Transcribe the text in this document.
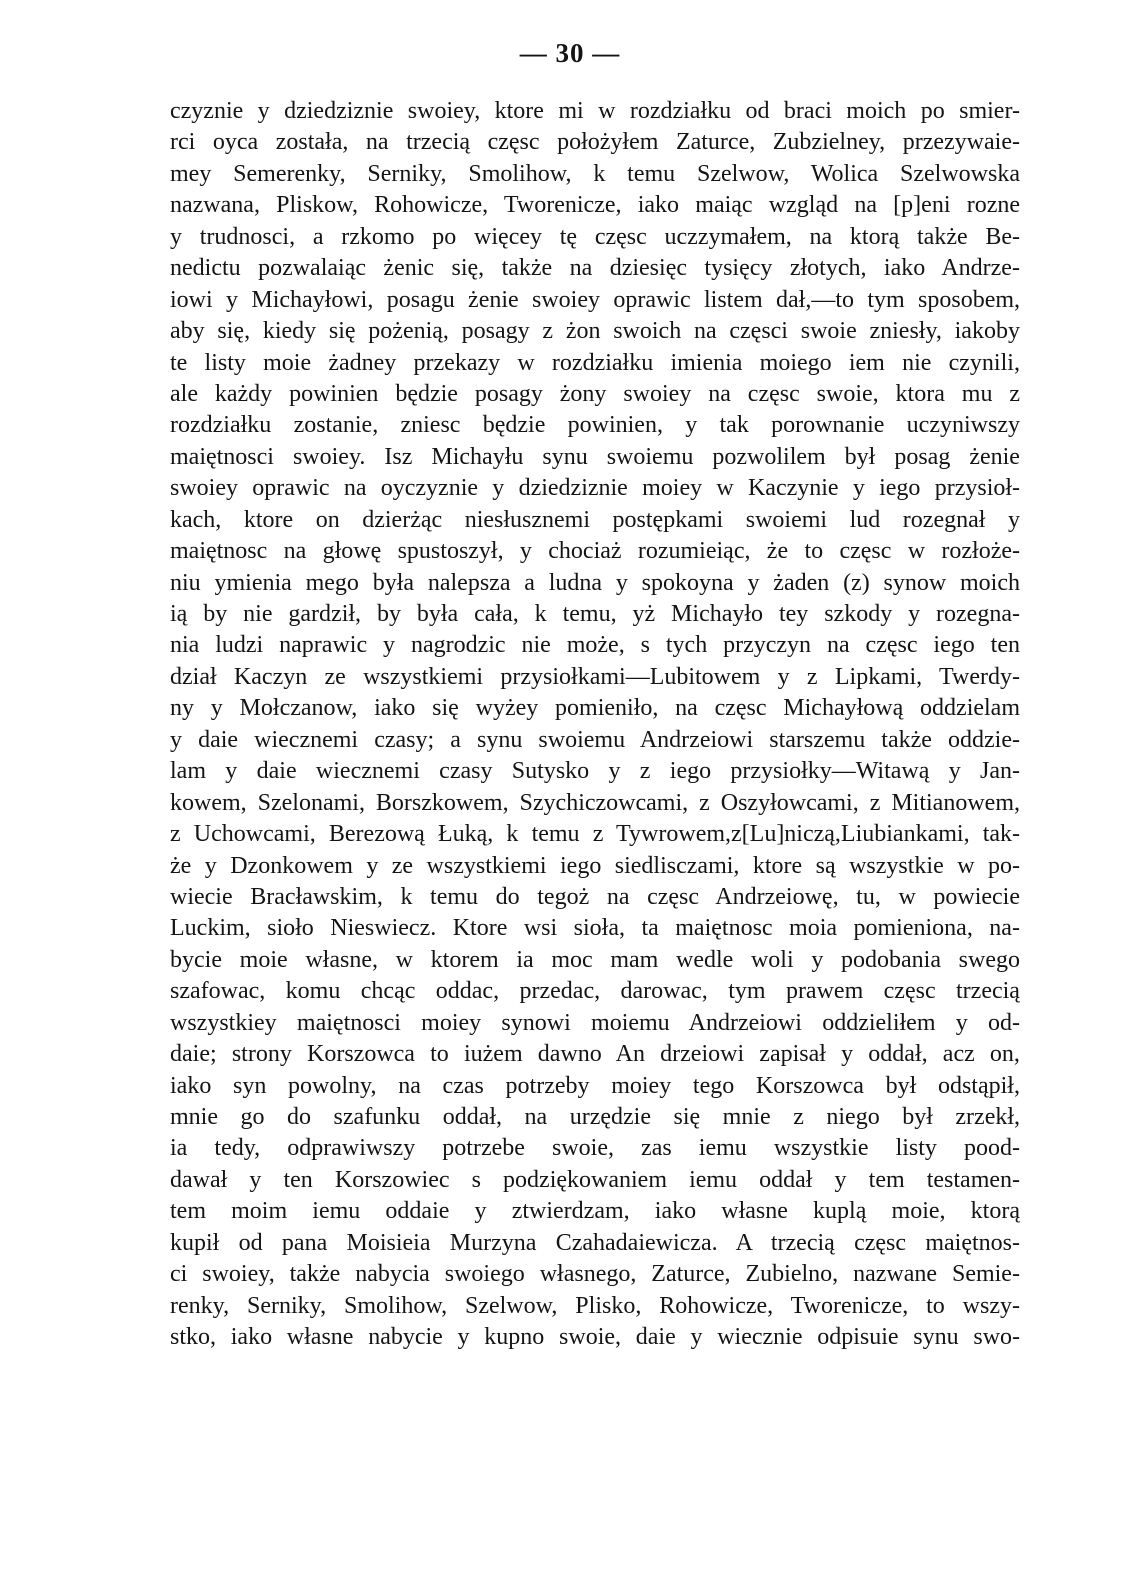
— 30 —
czyznie y dziedziznie swoiey, ktore mi w rozdziałku od braci moich po smier-
rci oyca została, na trzecią częsc położyłem Zaturce, Zubzielney, przezywaie-
mey Semerenky, Serniky, Smolihow, k temu Szelwow, Wolica Szelwowska
nazwana, Pliskow, Rohowicze, Tworenicze, iako maiąc wzgląd na [p]eni rozne
y trudnosci, a rzkomo po więcey tę częsc uczzymałem, na ktorą także Be-
nedictu pozwalaiąc żenic się, także na dziesięc tysięcy złotych, iako Andrze-
iowi y Michayłowi, posagu żenie swoiey oprawic listem dał,—to tym sposobem,
aby się, kiedy się pożenią, posagy z żon swoich na częsci swoie zniesły, iakoby
te listy moie żadney przekazy w rozdziałku imienia moiego iem nie czynili,
ale każdy powinien będzie posagy żony swoiey na częsc swoie, ktora mu z
rozdziałku zostanie, zniesc będzie powinien, y tak porownanie uczyniwszy
maiętnosci swoiey. Isz Michayłu synu swoiemu pozwolilem był posag żenie
swoiey oprawic na oyczyznie y dziedziznie moiey w Kaczynie y iego przysioł-
kach, ktore on dzierżąc niesłusznemi postępkami swoiemi lud rozegnał y
maiętnosc na głowę spustoszył, y chociaż rozumieiąc, że to częsc w rozłoże-
niu ymienia mego była nalepsza a ludna y spokoyna y żaden (z) synow moich
ią by nie gardził, by była cała, k temu, yż Michayło tey szkody y rozegna-
nia ludzi naprawic y nagrodzic nie może, s tych przyczyn na częsc iego ten
dział Kaczyn ze wszystkiemi przysiołkami—Lubitowem y z Lipkami, Twerdy-
ny y Mołczanow, iako się wyżey pomieniło, na częsc Michayłową oddzielam
y daie wiecznemi czasy; a synu swoiemu Andrzeiowi starszemu także oddzie-
lam y daie wiecznemi czasy Sutysko y z iego przysiołky—Witawą y Jan-
kowem, Szelonami, Borszkowem, Szychiczowcami, z Oszyłowcami, z Mitianowem,
z Uchowcami, Berezową Łuką, k temu z Tywrowem,z[Lu]niczą,Liubiankami, tak-
że y Dzonkowem y ze wszystkiemi iego siedlisczami, ktore są wszystkie w po-
wiecie Bracławskim, k temu do tegoż na częsc Andrzeiowę, tu, w powiecie
Luckim, sioło Nieswiecz. Ktore wsi sioła, ta maiętnosc moia pomieniona, na-
bycie moie własne, w ktorem ia moc mam wedle woli y podobania swego
szafowac, komu chcąc oddac, przedac, darowac, tym prawem częsc trzecią
wszystkiey maiętnosci moiey synowi moiemu Andrzeiowi oddzieliłem y od-
daie; strony Korszowca to iużem dawno An drzeiowi zapisał y oddał, acz on,
iako syn powolny, na czas potrzeby moiey tego Korszowca był odstąpił,
mnie go do szafunku oddał, na urzędzie się mnie z niego był zrzekł,
ia tedy, odprawiwszy potrzebe swoie, zas iemu wszystkie listy pood-
dawał y ten Korszowiec s podziękowaniem iemu oddał y tem testamen-
tem moim iemu oddaie y ztwierdzam, iako własne kuplą moie, ktorą
kupił od pana Moisieia Murzyna Czahadaiewicza. A trzecią częsc maiętnos-
ci swoiey, także nabycia swoiego własnego, Zaturce, Zubielno, nazwane Semie-
renky, Serniky, Smolihow, Szelwow, Plisko, Rohowicze, Tworenicze, to wszy-
stko, iako własne nabycie y kupno swoie, daie y wiecznie odpisuie synu swo-
